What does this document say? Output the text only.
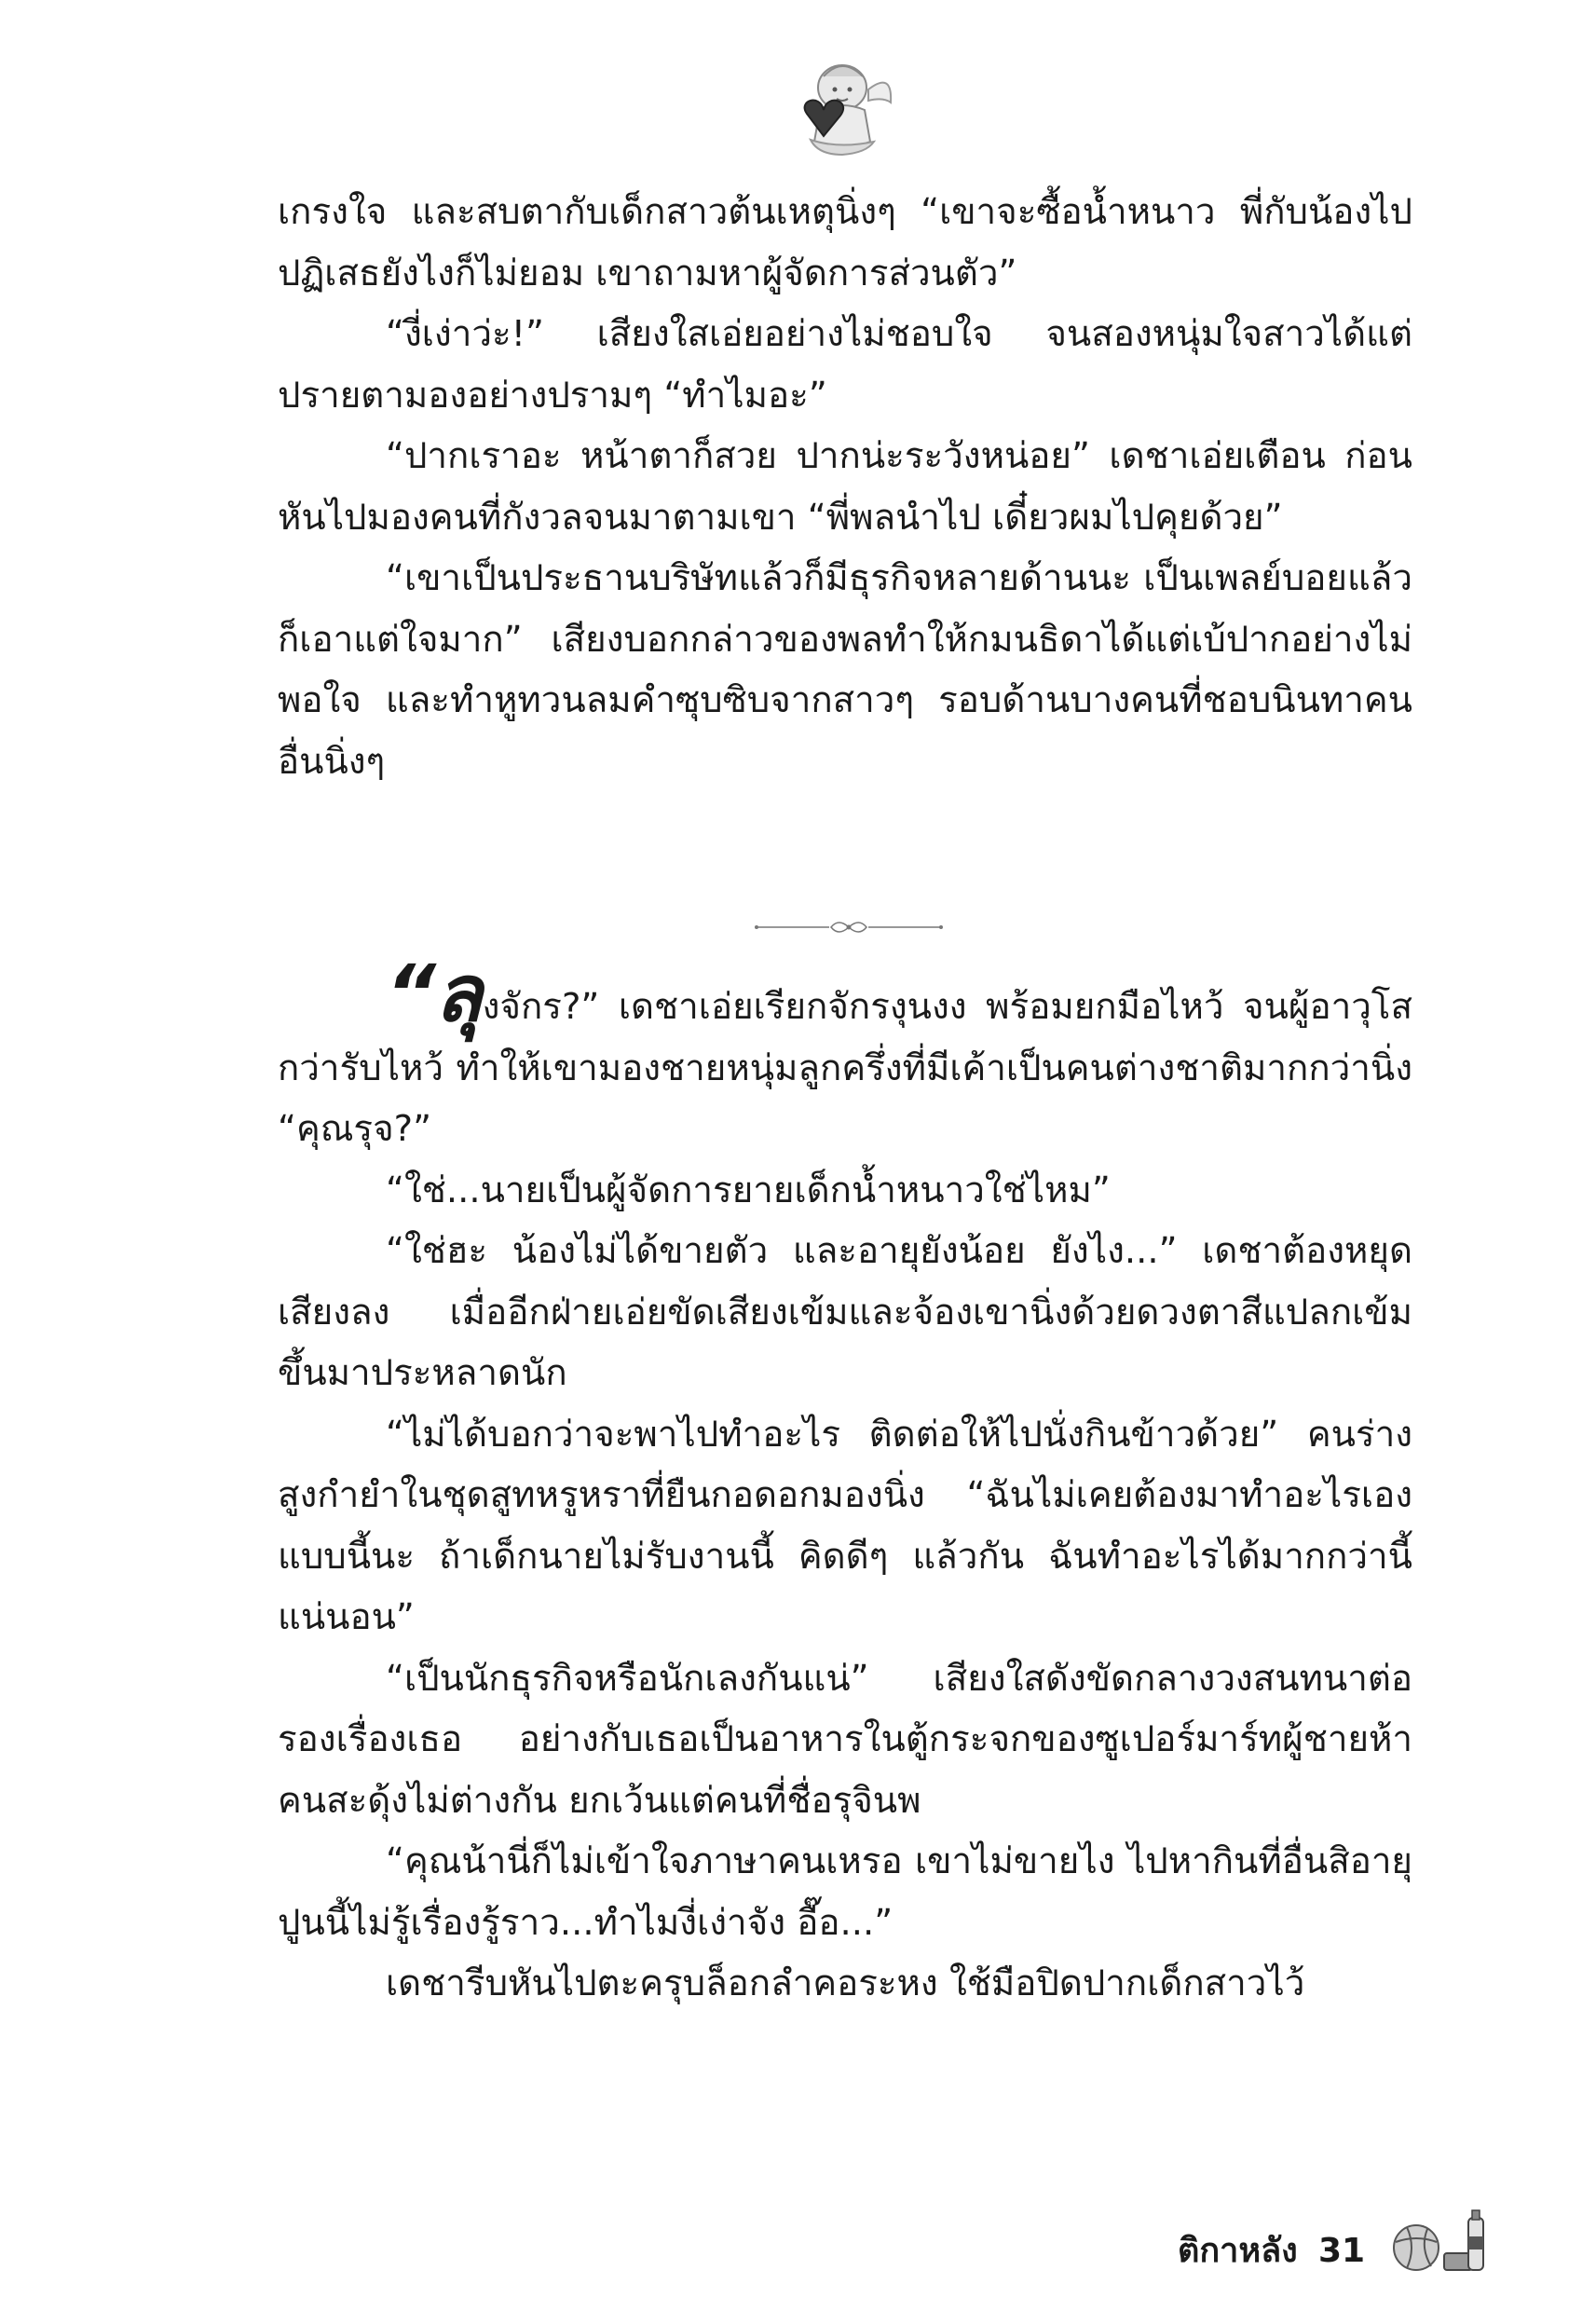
เกรงใจ และสบตากับเด็กสาวต้นเหตุนิ่งๆ “เขาจะซื้อน้ำหนาว พี่กับน้องไปปฏิเสธยังไงก็ไม่ยอม เขาถามหาผู้จัดการส่วนตัว”

“งี่เง่าว่ะ!” เสียงใสเอ่ยอย่างไม่ชอบใจ จนสองหนุ่มใจสาวได้แต่ปรายตามองอย่างปรามๆ “ทำไมอะ”

“ปากเราอะ หน้าตาก็สวย ปากน่ะระวังหน่อย” เดชาเอ่ยเตือน ก่อนหันไปมองคนที่กังวลจนมาตามเขา “พี่พลนำไป เดี๋ยวผมไปคุยด้วย”

“เขาเป็นประธานบริษัทแล้วก็มีธุรกิจหลายด้านนะ เป็นเพลย์บอยแล้วก็เอาแต่ใจมาก” เสียงบอกกล่าวของพลทำให้กมนธิดาได้แต่เบ้ปากอย่างไม่พอใจ และทำหูทวนลมคำซุบซิบจากสาวๆ รอบด้านบางคนที่ชอบนินทาคนอื่นนิ่งๆ

“ลุงจักร?” เดชาเอ่ยเรียกจักรงุนงง พร้อมยกมือไหว้ จนผู้อาวุโสกว่ารับไหว้ ทำให้เขามองชายหนุ่มลูกครึ่งที่มีเค้าเป็นคนต่างชาติมากกว่านิ่ง “คุณรุจ?”

“ใช่...นายเป็นผู้จัดการยายเด็กน้ำหนาวใช่ไหม”

“ใช่ฮะ น้องไม่ได้ขายตัว และอายุยังน้อย ยังไง...” เดชาต้องหยุดเสียงลง เมื่ออีกฝ่ายเอ่ยขัดเสียงเข้มและจ้องเขานิ่งด้วยดวงตาสีแปลกเข้มขึ้นมาประหลาดนัก

“ไม่ได้บอกว่าจะพาไปทำอะไร ติดต่อให้ไปนั่งกินข้าวด้วย” คนร่างสูงกำยำในชุดสูทหรูหราที่ยืนกอดอกมองนิ่ง “ฉันไม่เคยต้องมาทำอะไรเองแบบนี้นะ ถ้าเด็กนายไม่รับงานนี้ คิดดีๆ แล้วกัน ฉันทำอะไรได้มากกว่านี้แน่นอน”

“เป็นนักธุรกิจหรือนักเลงกันแน่” เสียงใสดังขัดกลางวงสนทนาต่อรองเรื่องเธอ อย่างกับเธอเป็นอาหารในตู้กระจกของซูเปอร์มาร์ทผู้ชายห้าคนสะดุ้งไม่ต่างกัน ยกเว้นแต่คนที่ชื่อรุจินพ

“คุณน้านี่ก็ไม่เข้าใจภาษาคนเหรอ เขาไม่ขายไง ไปหากินที่อื่นสิอายุปูนนี้ไม่รู้เรื่องรู้ราว...ทำไมงี่เง่าจัง อื๊อ...”

เดชารีบหันไปตะครุบล็อกลำคอระหง ใช้มือปิดปากเด็กสาวไว้

ติกาหลัง 31
